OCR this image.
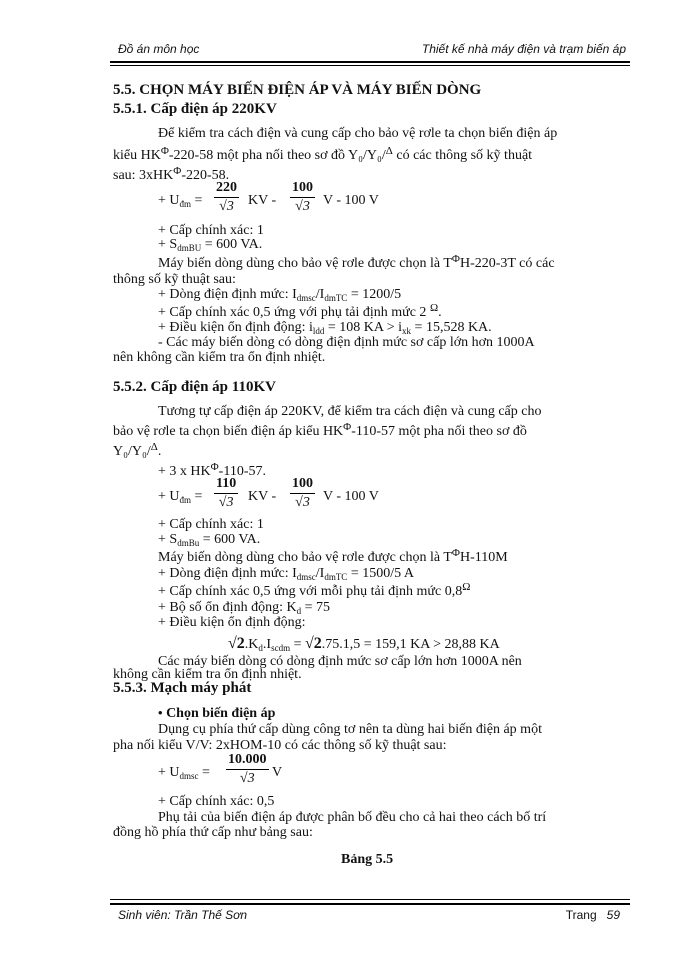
Đồ án môn học	Thiết kế nhà máy điện và trạm biến áp
5.5. CHỌN MÁY BIẾN ĐIỆN ÁP VÀ MÁY BIẾN DÒNG
5.5.1. Cấp điện áp 220KV
Để kiểm tra cách điện và cung cấp cho bảo vệ rơle ta chọn biến điện áp
kiểu $HK^\Phi-220-58$ một pha nối theo sơ đồ Y₀/Y₀/$^\Delta$ có các thông số kỹ thuật
sau: 3xHK$^\Phi$-220-58.
+ $U_{đm} = \frac{220}{√3}$ KV - $\frac{100}{√3}$ V - 100 V
+ Cấp chính xác: 1
+ $S_{dmBU} = 600$ VA.
Máy biến dòng dùng cho bảo vệ rơle được chọn là $T^\Phi H-220-3T$ có các
thông số kỹ thuật sau:
+ Dòng điện định mức: $I_{dmsc}/I_{dmTC} = 1200/5$
+ Cấp chính xác 0,5 ứng với phụ tải định mức 2 $^\Omega$.
+ Điều kiện ổn định động: $i_{ldd} = 108$ KA > $i_{xk} = 15,528$ KA.
- Các máy biến dòng có dòng điện định mức sơ cấp lớn hơn 1000A
nên không cần kiểm tra ổn định nhiệt.
5.5.2. Cấp điện áp 110KV
Tương tự cấp điện áp 220KV, để kiểm tra cách điện và cung cấp cho
bảo vệ rơle ta chọn biến điện áp kiểu $HK^\Phi-110-57$ một pha nối theo sơ đồ
Y₀/Y₀/$^\Delta$.
+ 3 x $HK^\Phi-110-57$.
+ $U_{đm} = \frac{110}{√3}$ KV - $\frac{100}{√3}$ V - 100 V
+ Cấp chính xác: 1
+ $S_{dmBu} = 600$ VA.
Máy biến dòng dùng cho bảo vệ rơle được chọn là $T^\Phi H-110M$
+ Dòng điện định mức: $I_{dmsc}/I_{dmTC} = 1500/5$ A
+ Cấp chính xác 0,5 ứng với mỗi phụ tải định mức $0,8^\Omega$
+ Bộ số ổn định động: $K_d = 75$
+ Điều kiện ổn định động:
$√2.K_d.I_{scdm} = √2.75.1,5 = 159,1$ KA > 28,88 KA
Các máy biến dòng có dòng định mức sơ cấp lớn hơn 1000A nên
không cần kiểm tra ổn định nhiệt.
5.5.3. Mạch máy phát
• Chọn biến điện áp
Dụng cụ phía thứ cấp dùng công tơ nên ta dùng hai biến điện áp một
pha nối kiểu V/V: 2xHOM-10 có các thông số kỹ thuật sau:
+ $U_{dmsc} = \frac{10.000}{√3}$ V
+ Cấp chính xác: 0,5
Phụ tải của biến điện áp được phân bố đều cho cả hai theo cách bố trí
đồng hồ phía thứ cấp như bảng sau:
Bảng 5.5
Sinh viên: Trần Thế Sơn	Trang 59
